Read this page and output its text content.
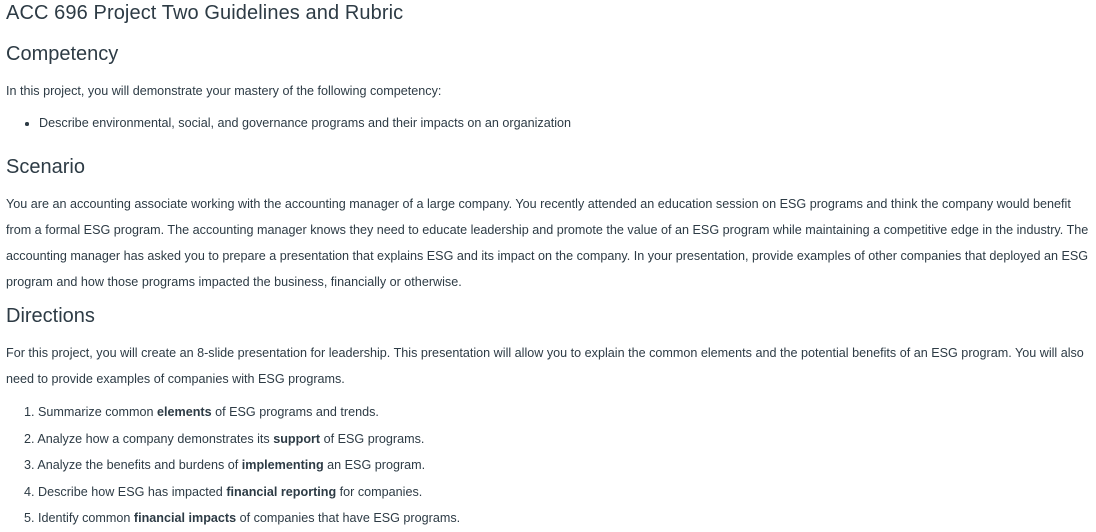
ACC 696 Project Two Guidelines and Rubric
Competency

In this project, you will demonstrate your mastery of the following competency:

Describe environmental, social, and governance programs and their impacts on an organization
Scenario

You are an accounting associate working with the accounting manager of a large company. You recently attended an education session on ESG programs and think the company would benefit from a formal ESG program. The accounting manager knows they need to educate leadership and promote the value of an ESG program while maintaining a competitive edge in the industry. The accounting manager has asked you to prepare a presentation that explains ESG and its impact on the company. In your presentation, provide examples of other companies that deployed an ESG program and how those programs impacted the business, financially or otherwise.

Directions

For this project, you will create an 8-slide presentation for leadership. This presentation will allow you to explain the common elements and the potential benefits of an ESG program. You will also need to provide examples of companies with ESG programs.

1. Summarize common elements of ESG programs and trends.
2. Analyze how a company demonstrates its support of ESG programs.
3. Analyze the benefits and burdens of implementing an ESG program.
4. Describe how ESG has impacted financial reporting for companies.
5. Identify common financial impacts of companies that have ESG programs.
